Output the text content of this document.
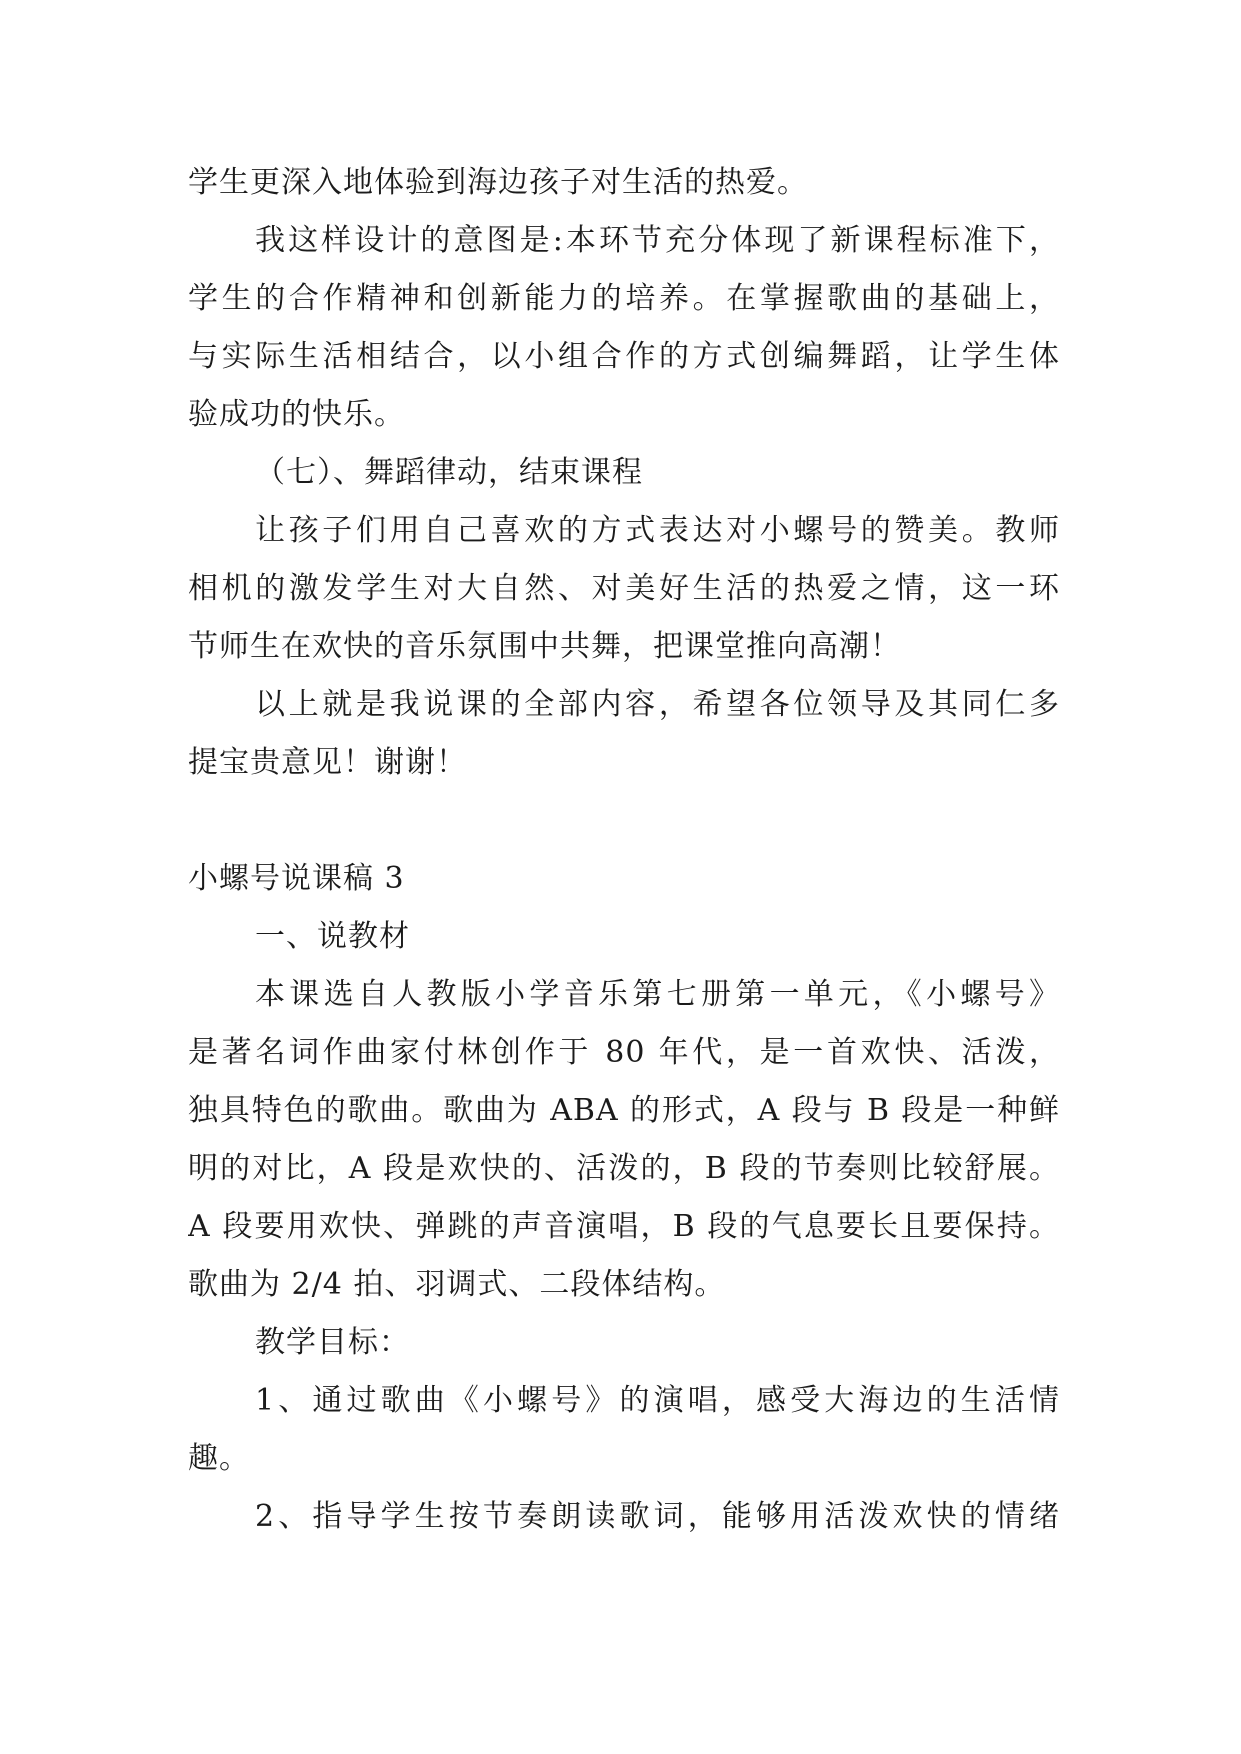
学生更深入地体验到海边孩子对生活的热爱。
我这样设计的意图是:本环节充分体现了新课程标准下，
学生的合作精神和创新能力的培养。在掌握歌曲的基础上，
与实际生活相结合，以小组合作的方式创编舞蹈，让学生体
验成功的快乐。
（七）、舞蹈律动，结束课程
让孩子们用自己喜欢的方式表达对小螺号的赞美。教师
相机的激发学生对大自然、对美好生活的热爱之情，这一环
节师生在欢快的音乐氛围中共舞，把课堂推向高潮！
以上就是我说课的全部内容，希望各位领导及其同仁多
提宝贵意见！谢谢！
小螺号说课稿 3
一、说教材
本课选自人教版小学音乐第七册第一单元，《小螺号》
是著名词作曲家付林创作于 80 年代，是一首欢快、活泼，
独具特色的歌曲。歌曲为 ABA 的形式，A 段与 B 段是一种鲜
明的对比，A 段是欢快的、活泼的，B 段的节奏则比较舒展。
A 段要用欢快、弹跳的声音演唱，B 段的气息要长且要保持。
歌曲为 2/4 拍、羽调式、二段体结构。
教学目标：
1、通过歌曲《小螺号》的演唱，感受大海边的生活情
趣。
2、指导学生按节奏朗读歌词，能够用活泼欢快的情绪
